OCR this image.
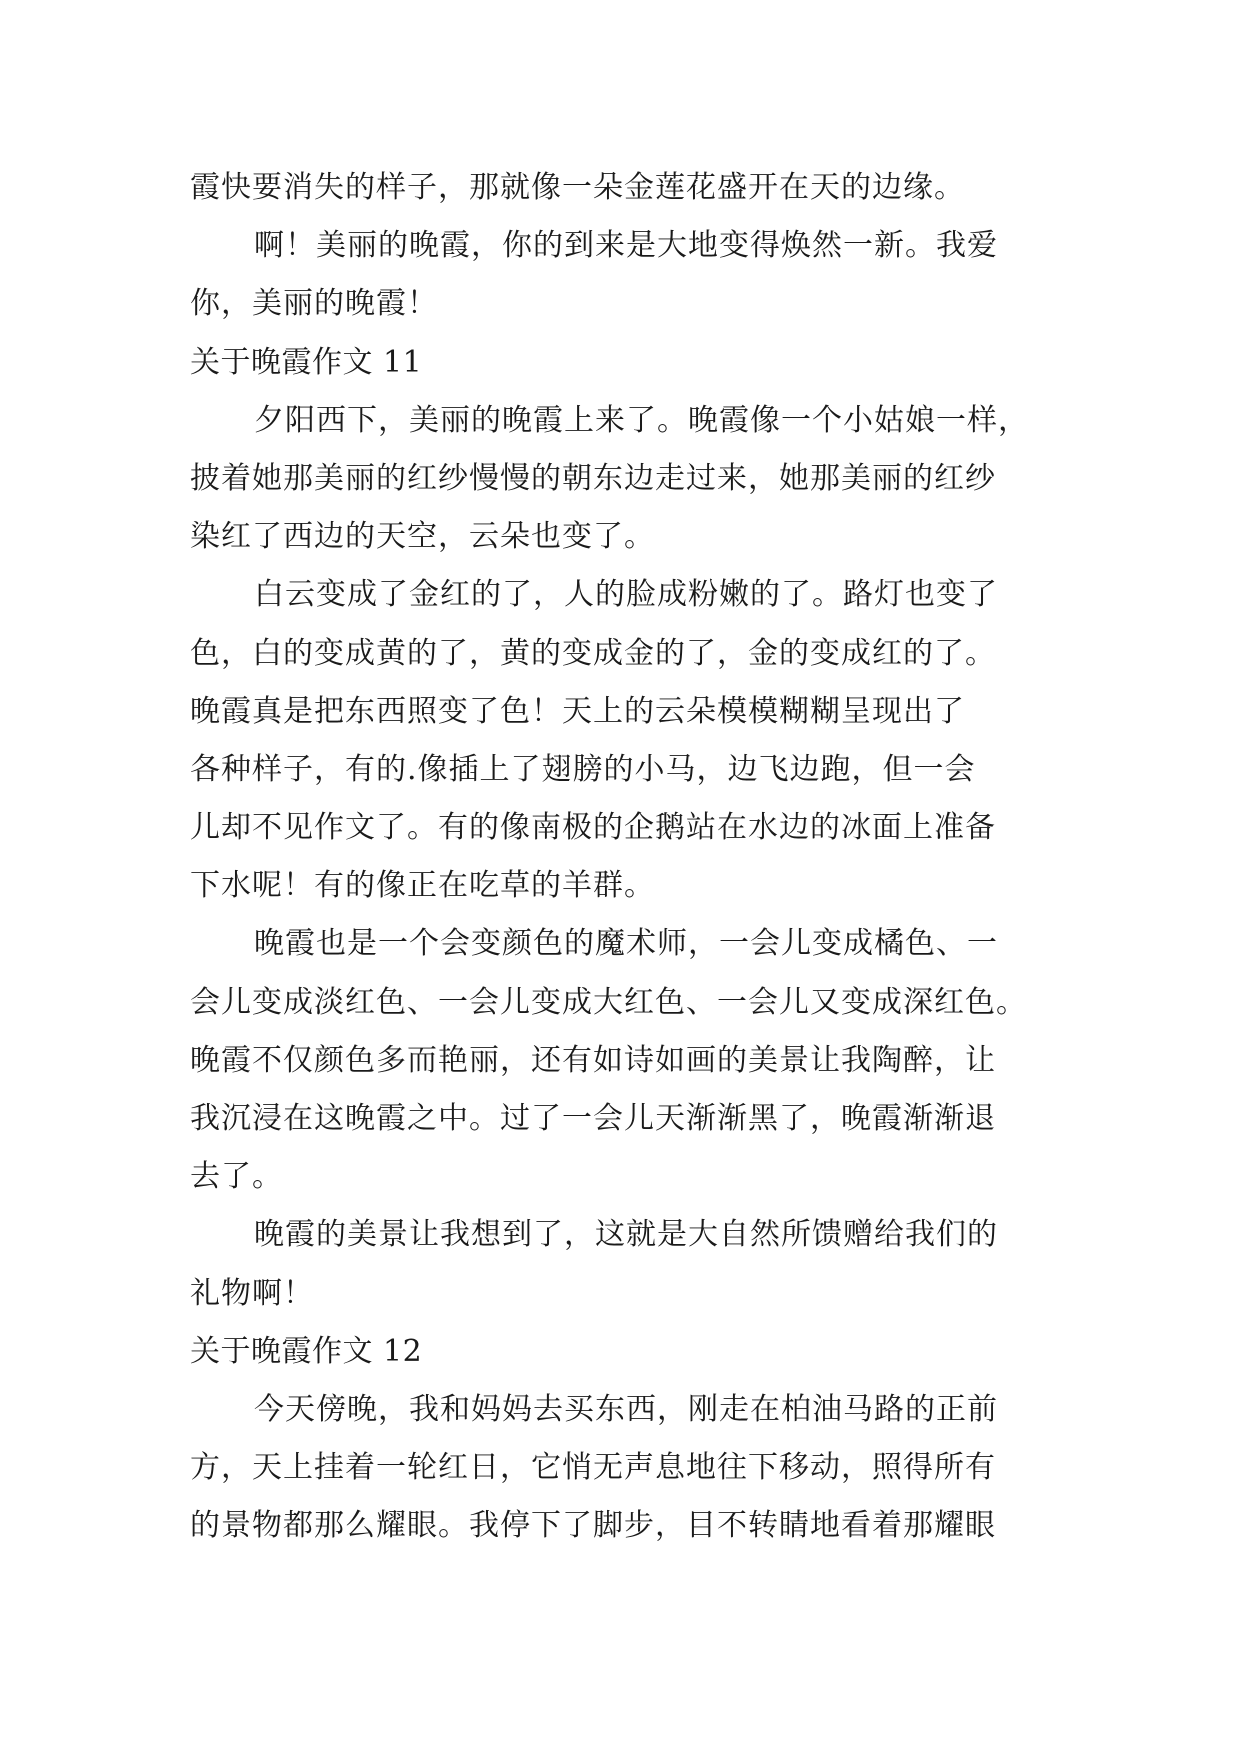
霞快要消失的样子，那就像一朵金莲花盛开在天的边缘。
啊！美丽的晚霞，你的到来是大地变得焕然一新。我爱
你，美丽的晚霞！
关于晚霞作文 11
夕阳西下，美丽的晚霞上来了。晚霞像一个小姑娘一样，
披着她那美丽的红纱慢慢的朝东边走过来，她那美丽的红纱
染红了西边的天空，云朵也变了。
白云变成了金红的了，人的脸成粉嫩的了。路灯也变了
色，白的变成黄的了，黄的变成金的了，金的变成红的了。
晚霞真是把东西照变了色！天上的云朵模模糊糊呈现出了
各种样子，有的.像插上了翅膀的小马，边飞边跑，但一会
儿却不见作文了。有的像南极的企鹅站在水边的冰面上准备
下水呢！有的像正在吃草的羊群。
晚霞也是一个会变颜色的魔术师，一会儿变成橘色、一
会儿变成淡红色、一会儿变成大红色、一会儿又变成深红色。
晚霞不仅颜色多而艳丽，还有如诗如画的美景让我陶醉，让
我沉浸在这晚霞之中。过了一会儿天渐渐黑了，晚霞渐渐退
去了。
晚霞的美景让我想到了，这就是大自然所馈赠给我们的
礼物啊！
关于晚霞作文 12
今天傍晚，我和妈妈去买东西，刚走在柏油马路的正前
方，天上挂着一轮红日，它悄无声息地往下移动，照得所有
的景物都那么耀眼。我停下了脚步，目不转睛地看着那耀眼
